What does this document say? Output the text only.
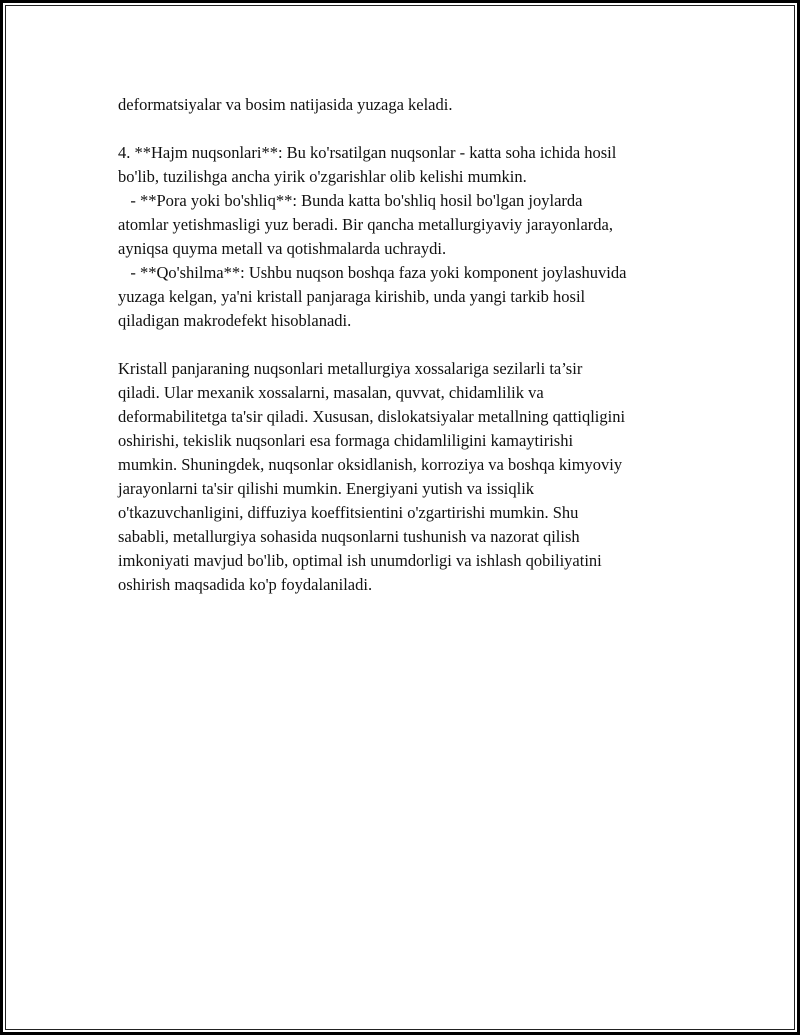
deformatsiyalar va bosim natijasida yuzaga keladi.
4. **Hajm nuqsonlari**: Bu ko'rsatilgan nuqsonlar - katta soha ichida hosil
bo'lib, tuzilishga ancha yirik o'zgarishlar olib kelishi mumkin.
- **Pora yoki bo'shliq**: Bunda katta bo'shliq hosil bo'lgan joylarda
atomlar yetishmasligi yuz beradi. Bir qancha metallurgiyaviy jarayonlarda,
ayniqsa quyma metall va qotishmalarda uchraydi.
- **Qo'shilma**: Ushbu nuqson boshqa faza yoki komponent joylashuvida
yuzaga kelgan, ya'ni kristall panjaraga kirishib, unda yangi tarkib hosil
qiladigan makrodefekt hisoblanadi.
Kristall panjaraning nuqsonlari metallurgiya xossalariga sezilarli ta’sir
qiladi. Ular mexanik xossalarni, masalan, quvvat, chidamlilik va
deformabilitetga ta'sir qiladi. Xususan, dislokatsiyalar metallning qattiqligini
oshirishi, tekislik nuqsonlari esa formaga chidamliligini kamaytirishi
mumkin. Shuningdek, nuqsonlar oksidlanish, korroziya va boshqa kimyoviy
jarayonlarni ta'sir qilishi mumkin. Energiyani yutish va issiqlik
o'tkazuvchanligini, diffuziya koeffitsientini o'zgartirishi mumkin. Shu
sababli, metallurgiya sohasida nuqsonlarni tushunish va nazorat qilish
imkoniyati mavjud bo'lib, optimal ish unumdorligi va ishlash qobiliyatini
oshirish maqsadida ko'p foydalaniladi.
